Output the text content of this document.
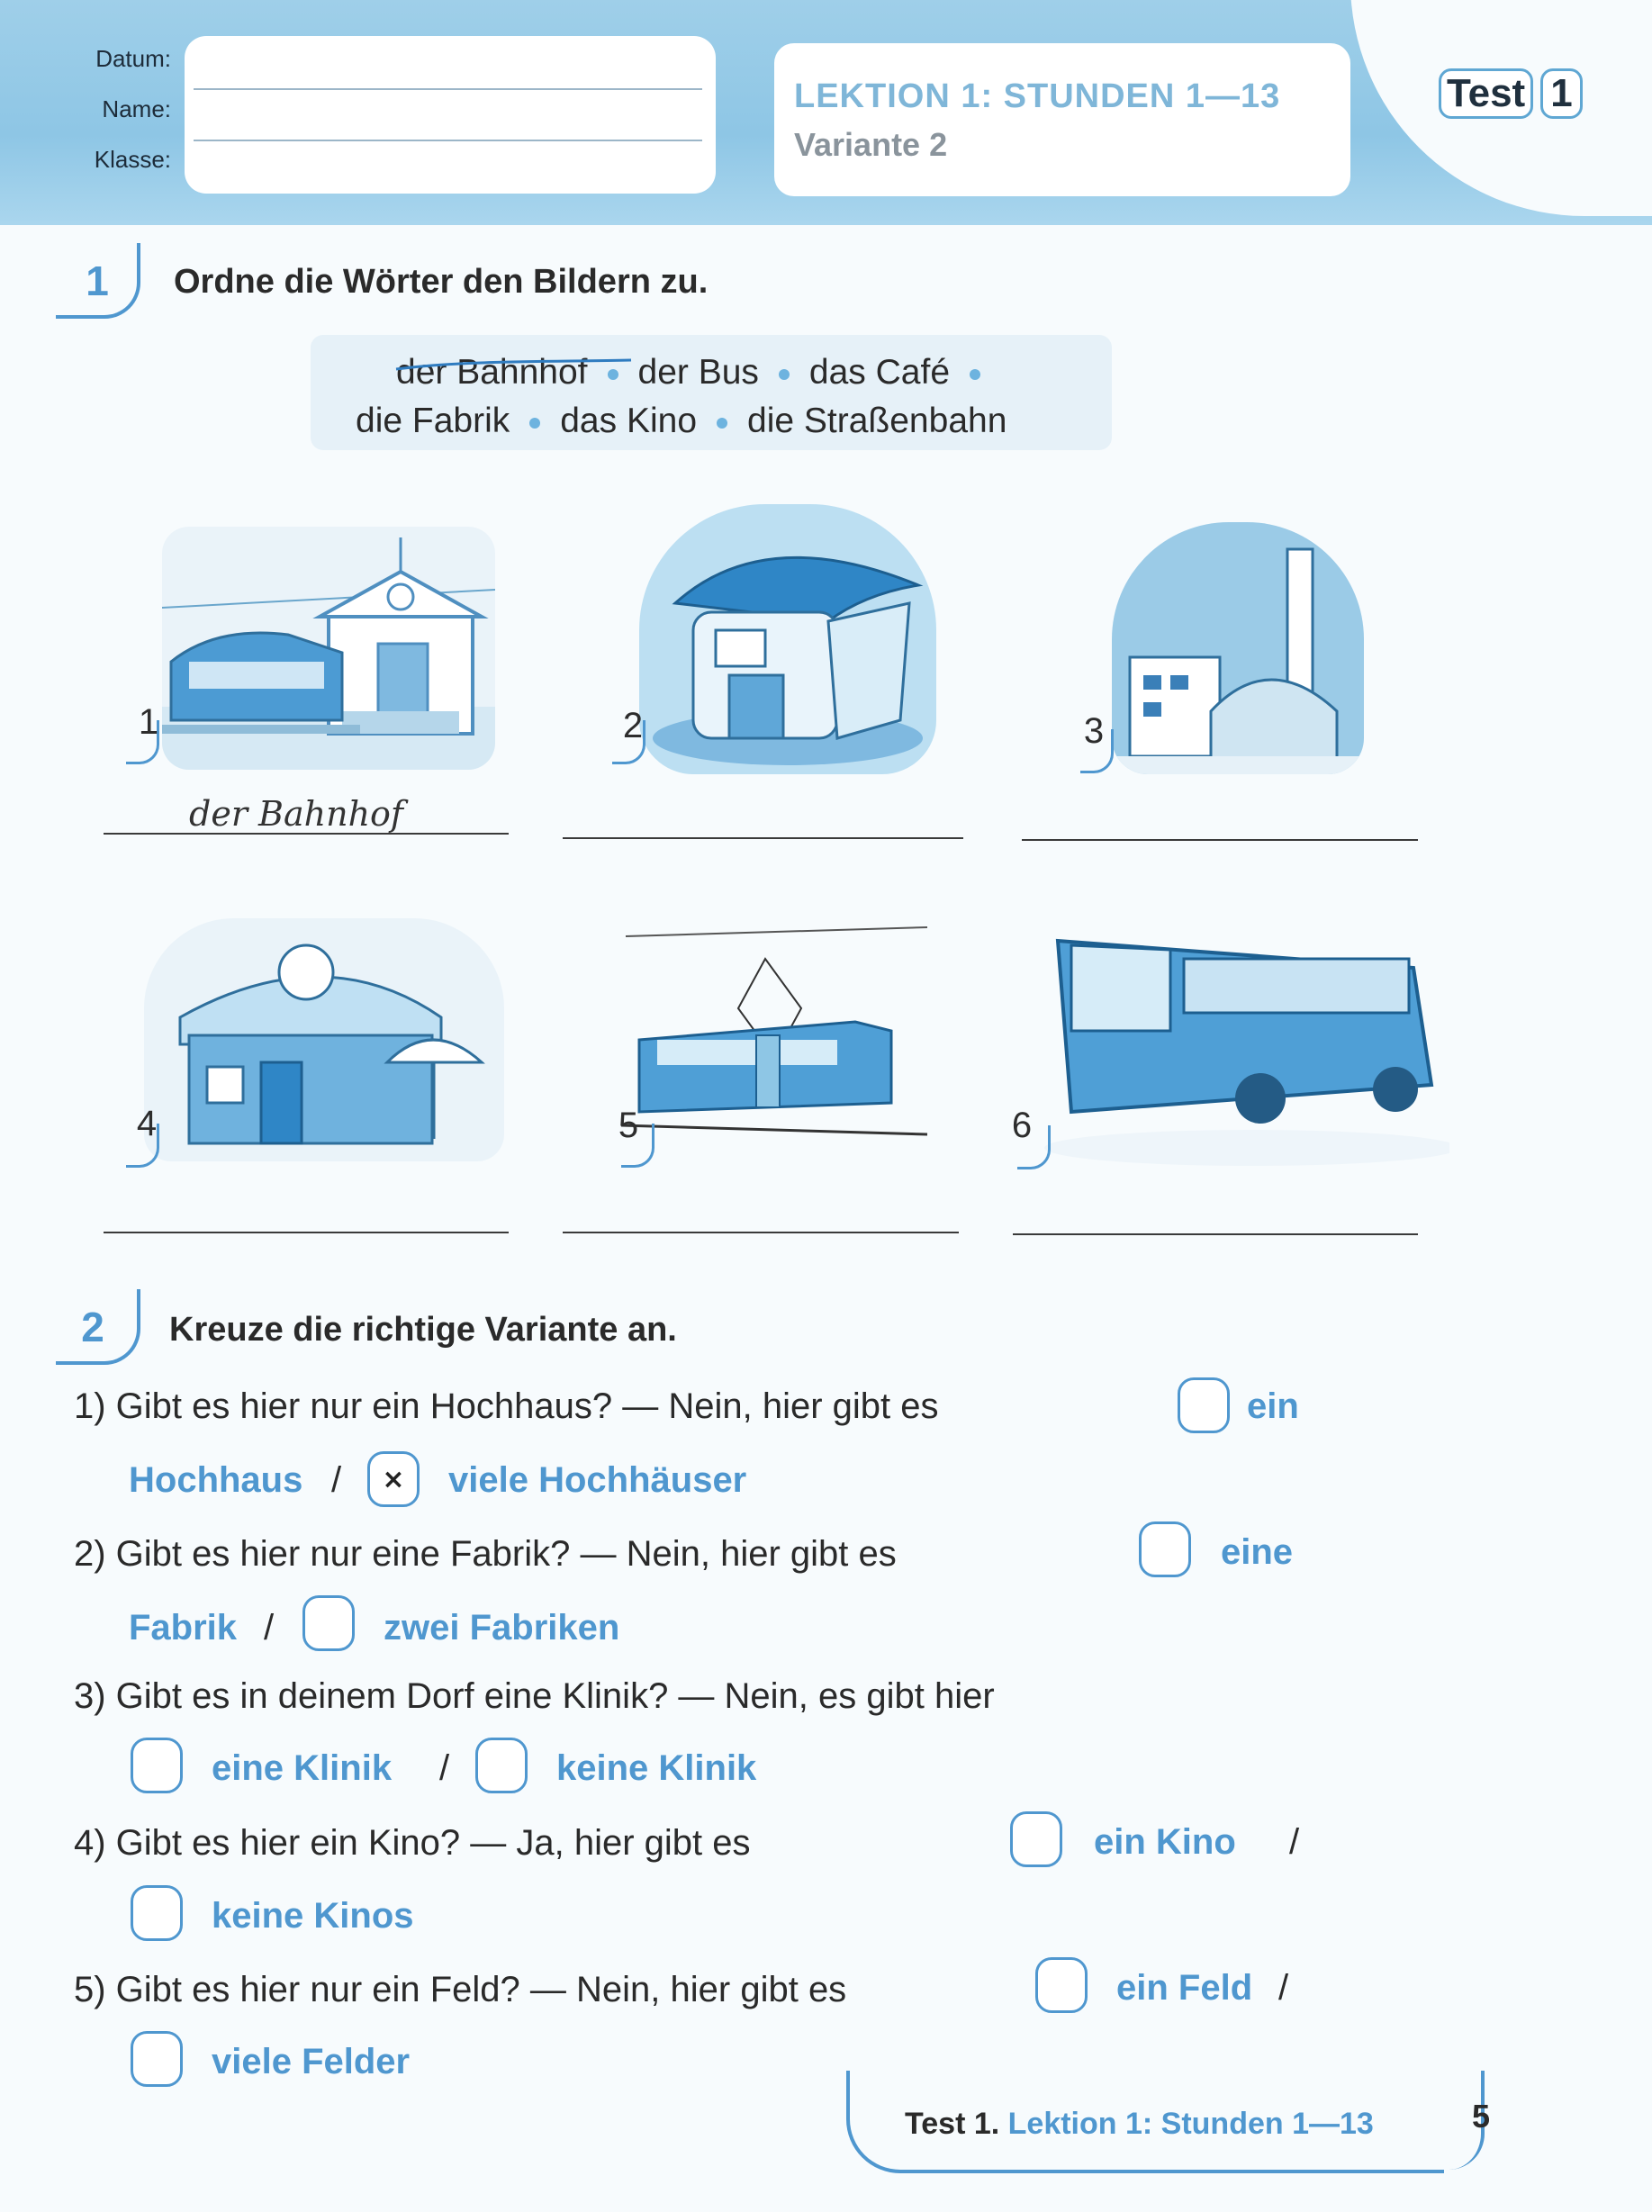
Datum:
Name:
Klasse:
LEKTION 1: STUNDEN 1—13
Variante 2
Test 1
1	Ordne die Wörter den Bildern zu.
der Bahnhof der Bus das Café
die Fabrik das Kino die Straßenbahn
1
der Bahnhof
2	3
4	5	6
2	Kreuze die richtige Variante an.
1) Gibt es hier nur ein Hochhaus? — Nein, hier gibt es	ein
Hochhaus /	×	viele Hochhäuser
2) Gibt es hier nur eine Fabrik? — Nein, hier gibt es	eine
Fabrik /	zwei Fabriken
3) Gibt es in deinem Dorf eine Klinik? — Nein, es gibt hier
eine Klinik /	keine Klinik
4) Gibt es hier ein Kino? — Ja, hier gibt es	ein Kino /
keine Kinos
5) Gibt es hier nur ein Feld? — Nein, hier gibt es	ein Feld /
viele Felder
Test 1. Lektion 1: Stunden 1—13	5
